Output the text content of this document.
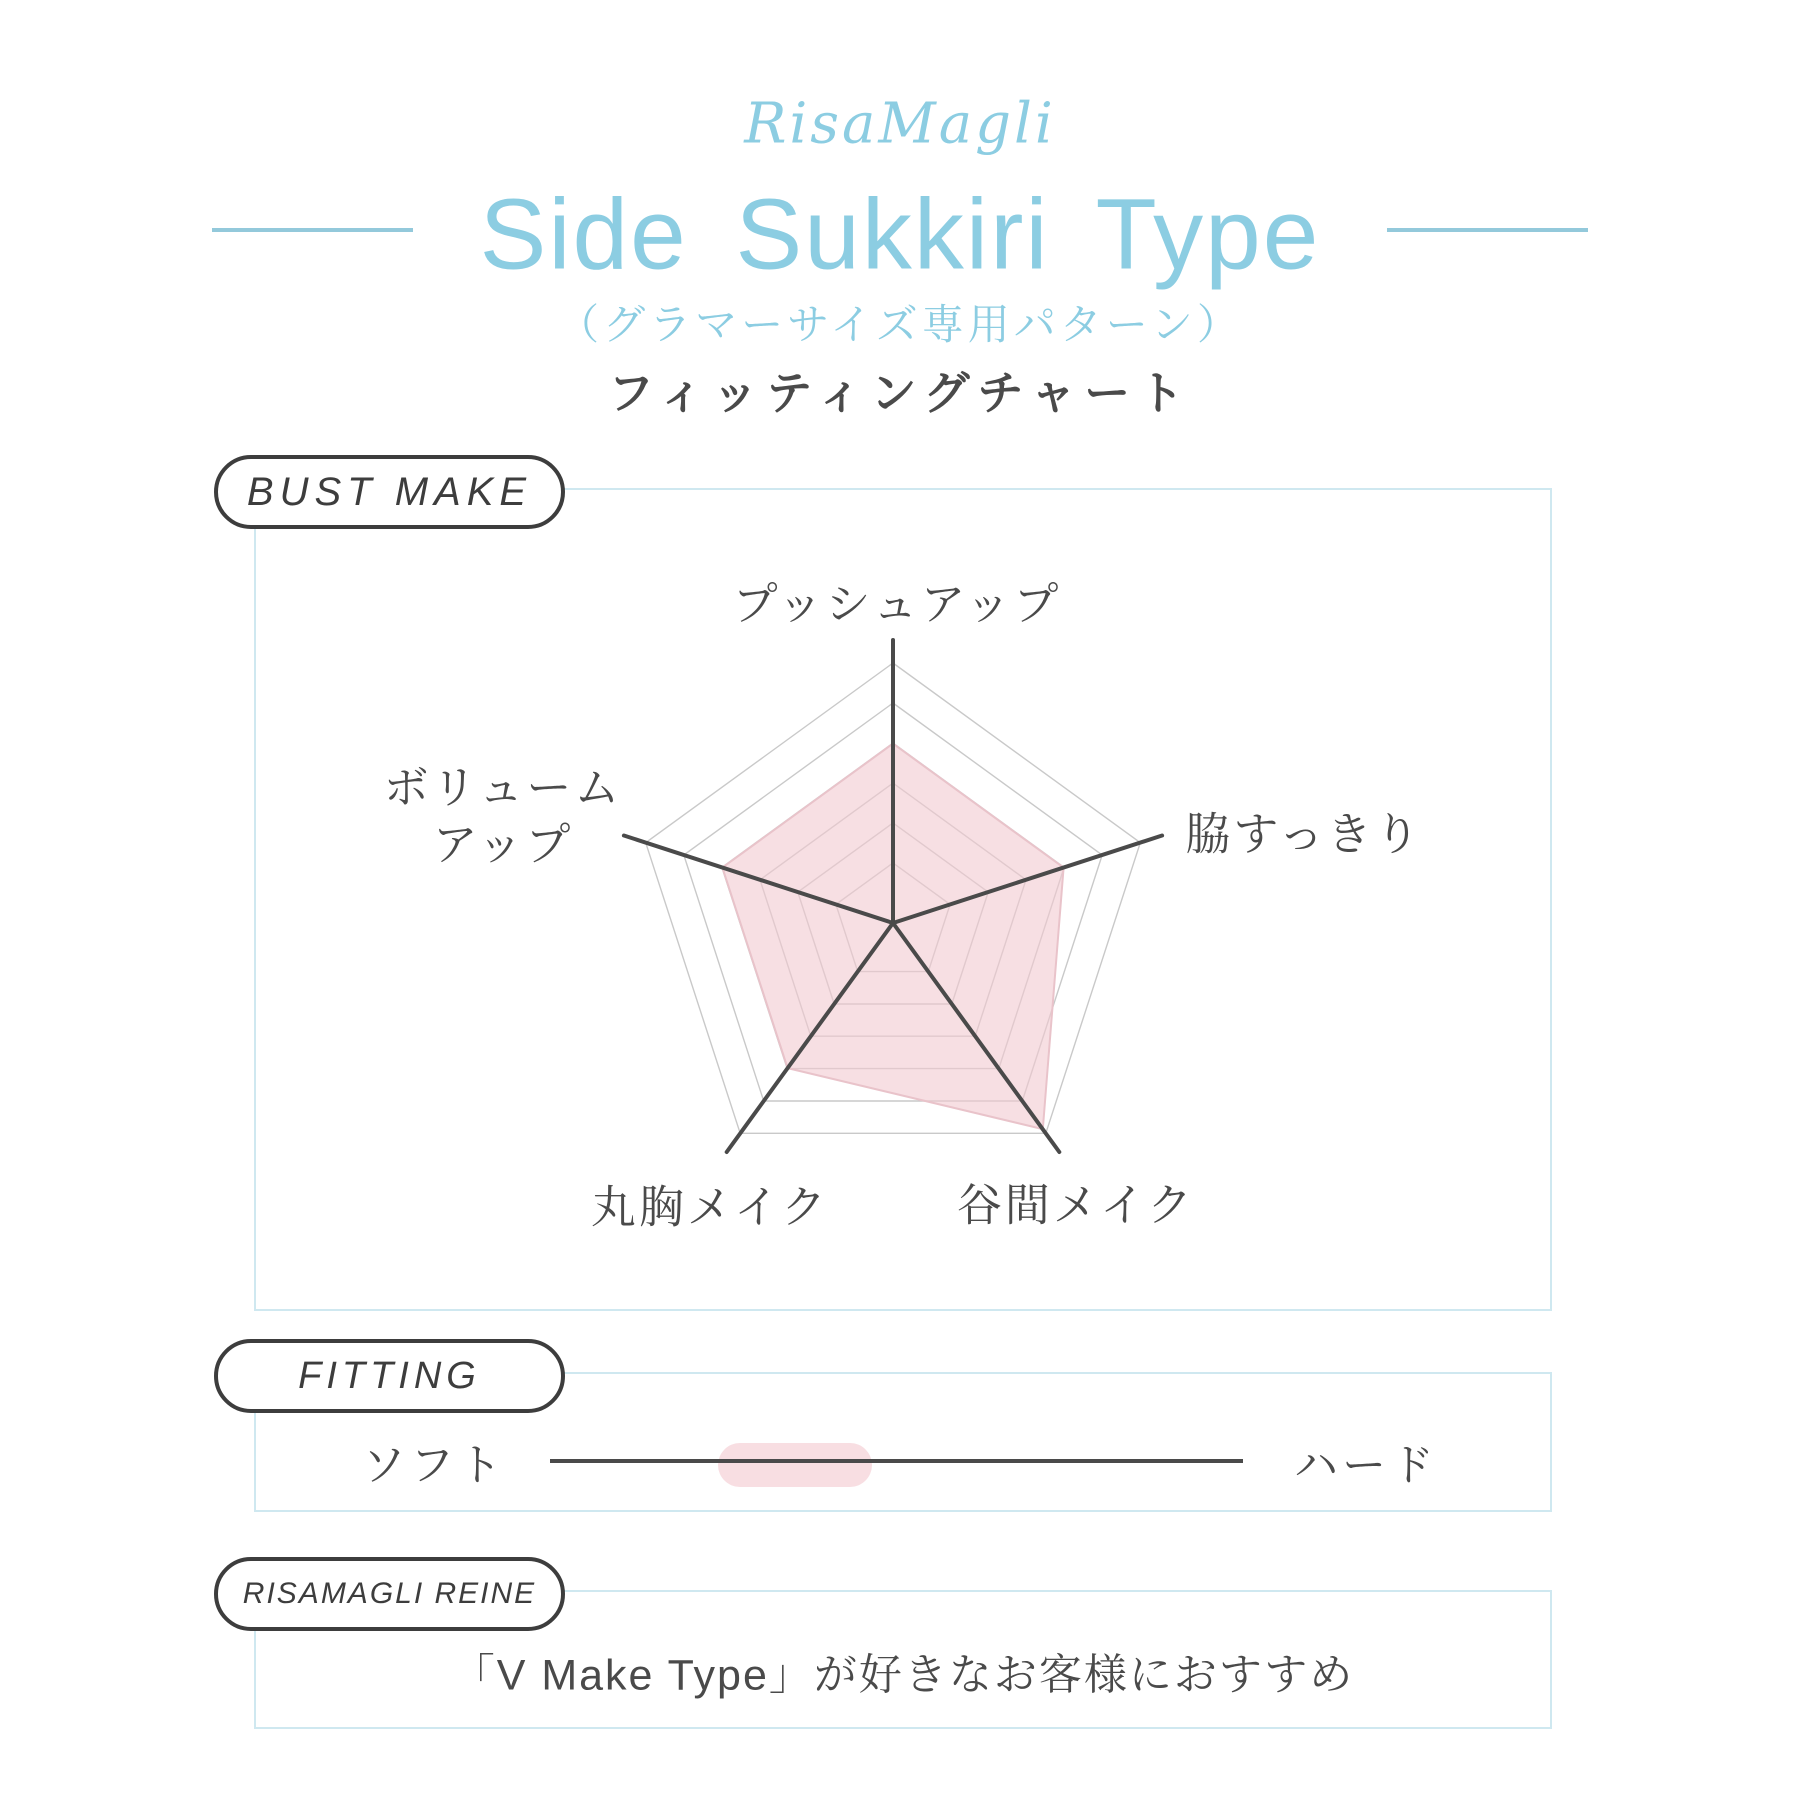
RisaMagli
Side Sukkiri Type
（グラマーサイズ専用パターン）
フィッティングチャート
BUST MAKE
プッシュアップ
脇すっきり
ボリュームアップ
丸胸メイク	谷間メイク
FITTING
ソフト	ハード
RISAMAGLI REINE
「V Make Type」が好きなお客様におすすめ
